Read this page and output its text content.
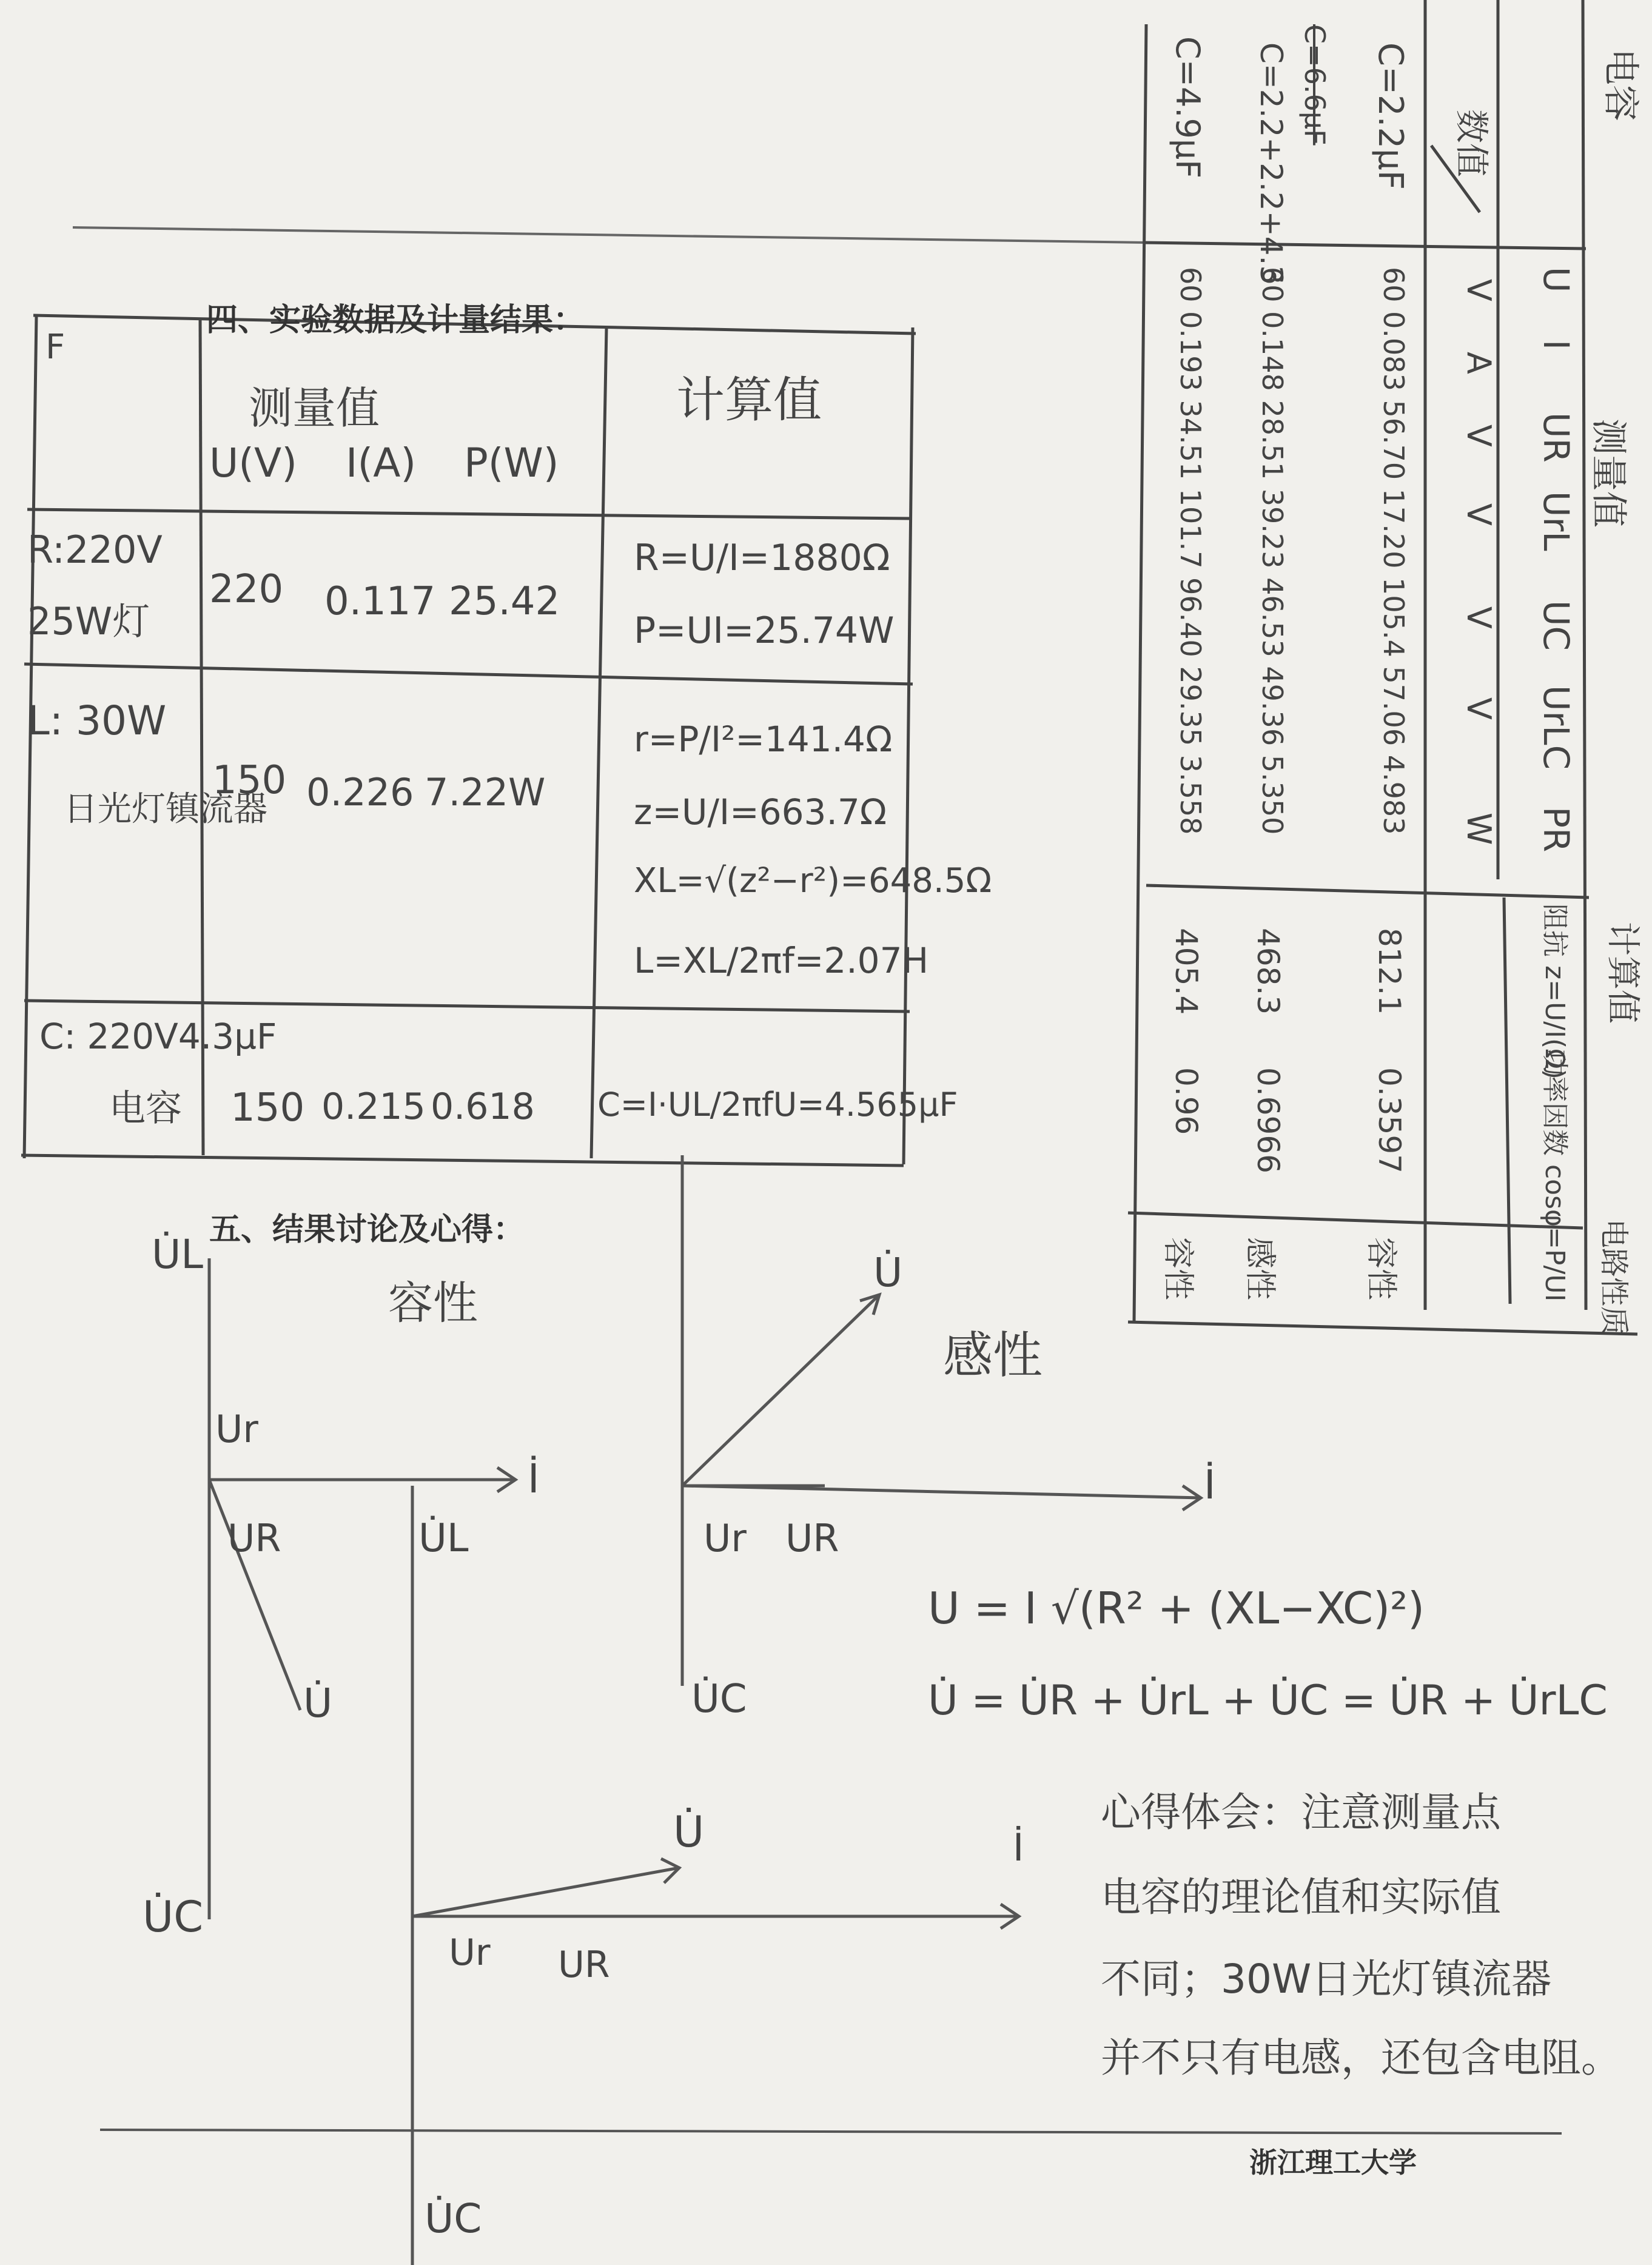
四、实验数据及计量结果：
五、结果讨论及心得：
浙江理工大学
F
测量值
U(V) I(A) P(W)
计算值
R:220V
25W灯
220 0.117 25.42
R=U/I=1880Ω
P=UI=25.74W
L: 30W
日光灯镇流器
150 0.226 7.22W
r=P/I²=141.4Ω
z=U/I=663.7Ω
XL=√(z²−r²)=648.5Ω
L=XL/2πf=2.07H
C: 220V4.3μF
电容 150 0.215 0.618 C=I·UL/2πfU=4.565μF
电容
数值
测量值
U
I
UR
UrL
UC
UrLC
PR
V
A
V
V
V
V
W
C=2.2μF
60 0.083 56.70 17.20 105.4 57.06 4.983
812.1
0.3597
容性
C=2.2+2.2+4.3
60 0.148 28.51 39.23 46.53 49.36 5.350
468.3
0.6966
感性
C=4.9μF
60 0.193 34.51 101.7 96.40 29.35 3.558
405.4
0.96
容性
C=6.6μF
计算值
阻抗 z=U/I(Ω)
功率因数 cosφ=P/UI 电路性质
容性
U̇L
Ur
UR
İ
U̇L
U̇
U̇C
U̇	İ
Ur UR
U̇C
感性
U̇
İ
Ur UR
U̇C
U = I √(R² + (XL−XC)²)
U̇ = U̇R + U̇rL + U̇C = U̇R + U̇rLC
心得体会：注意测量点
电容的理论值和实际值
不同；30W日光灯镇流器
并不只有电感，还包含电阻。
